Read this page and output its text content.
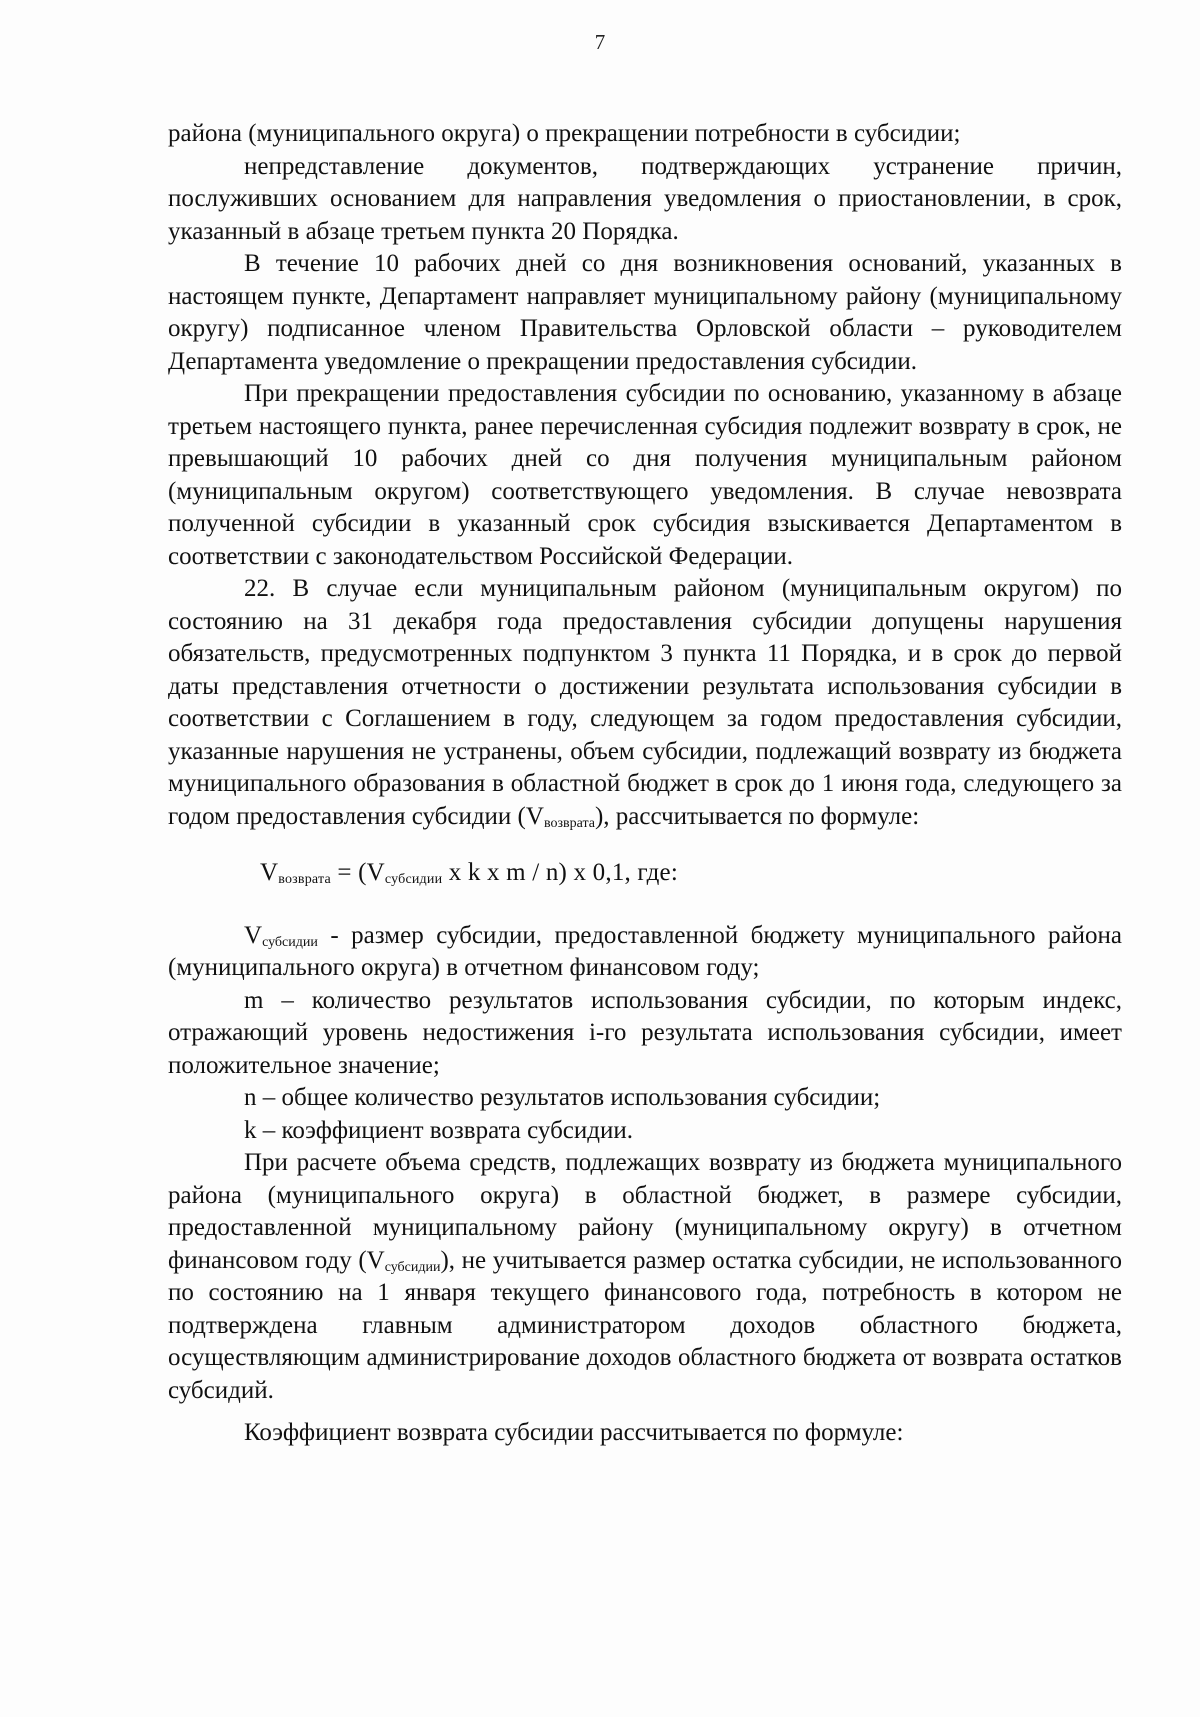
7

района (муниципального округа) о прекращении потребности в субсидии;

непредставление документов, подтверждающих устранение причин, послуживших основанием для направления уведомления о приостановлении, в срок, указанный в абзаце третьем пункта 20 Порядка.

В течение 10 рабочих дней со дня возникновения оснований, указанных в настоящем пункте, Департамент направляет муниципальному району (муниципальному округу) подписанное членом Правительства Орловской области – руководителем Департамента уведомление о прекращении предоставления субсидии.

При прекращении предоставления субсидии по основанию, указанному в абзаце третьем настоящего пункта, ранее перечисленная субсидия подлежит возврату в срок, не превышающий 10 рабочих дней со дня получения муниципальным районом (муниципальным округом) соответствующего уведомления. В случае невозврата полученной субсидии в указанный срок субсидия взыскивается Департаментом в соответствии с законодательством Российской Федерации.

22. В случае если муниципальным районом (муниципальным округом) по состоянию на 31 декабря года предоставления субсидии допущены нарушения обязательств, предусмотренных подпунктом 3 пункта 11 Порядка, и в срок до первой даты представления отчетности о достижении результата использования субсидии в соответствии с Соглашением в году, следующем за годом предоставления субсидии, указанные нарушения не устранены, объем субсидии, подлежащий возврату из бюджета муниципального образования в областной бюджет в срок до 1 июня года, следующего за годом предоставления субсидии $(V_{возврата})$, рассчитывается по формуле:

$V_{возврата} = (V_{субсидии}$ x k x m / n) x 0,1, где:

$V_{субсидии}$ - размер субсидии, предоставленной бюджету муниципального района (муниципального округа) в отчетном финансовом году;

m – количество результатов использования субсидии, по которым индекс, отражающий уровень недостижения i-го результата использования субсидии, имеет положительное значение;

n – общее количество результатов использования субсидии;

k – коэффициент возврата субсидии.

При расчете объема средств, подлежащих возврату из бюджета муниципального района (муниципального округа) в областной бюджет, в размере субсидии, предоставленной муниципальному району (муниципальному округу) в отчетном финансовом году $(V_{субсидии})$, не учитывается размер остатка субсидии, не использованного по состоянию на 1 января текущего финансового года, потребность в котором не подтверждена главным администратором доходов областного бюджета, осуществляющим администрирование доходов областного бюджета от возврата остатков субсидий.

Коэффициент возврата субсидии рассчитывается по формуле:
